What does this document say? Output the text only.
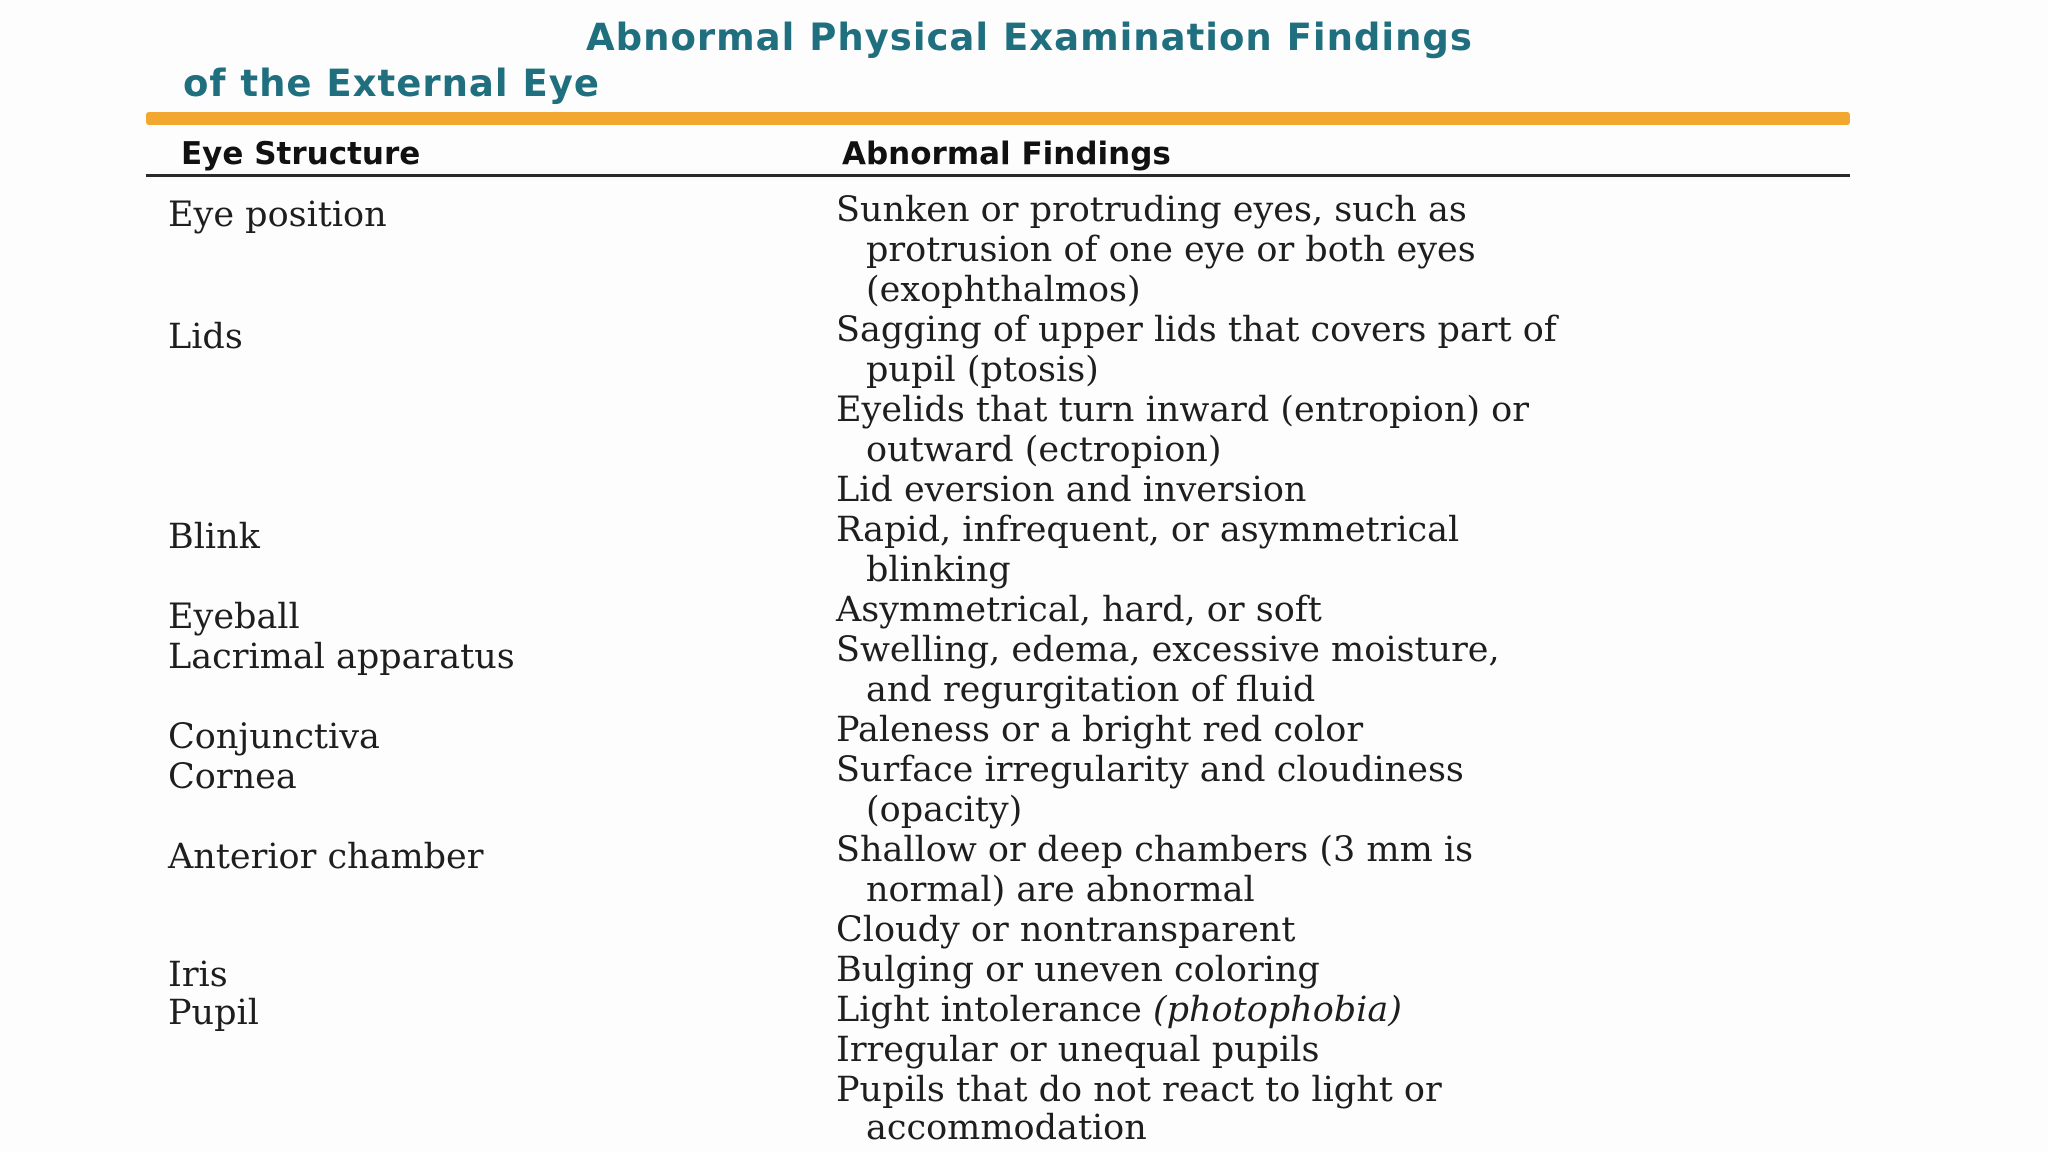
Abnormal Physical Examination Findings
of the External Eye
Eye Structure	Abnormal Findings
Eye position	Sunken or protruding eyes, such as
protrusion of one eye or both eyes
(exophthalmos)
Lids	Sagging of upper lids that covers part of
pupil (ptosis)
Eyelids that turn inward (entropion) or
outward (ectropion)
Lid eversion and inversion
Blink	Rapid, infrequent, or asymmetrical
blinking
Eyeball	Asymmetrical, hard, or soft
Lacrimal apparatus	Swelling, edema, excessive moisture,
and regurgitation of fluid
Conjunctiva	Paleness or a bright red color
Cornea	Surface irregularity and cloudiness
(opacity)
Anterior chamber	Shallow or deep chambers (3 mm is
normal) are abnormal
Cloudy or nontransparent
Iris	Bulging or uneven coloring
Pupil	Light intolerance (photophobia)
Irregular or unequal pupils
Pupils that do not react to light or
accommodation
